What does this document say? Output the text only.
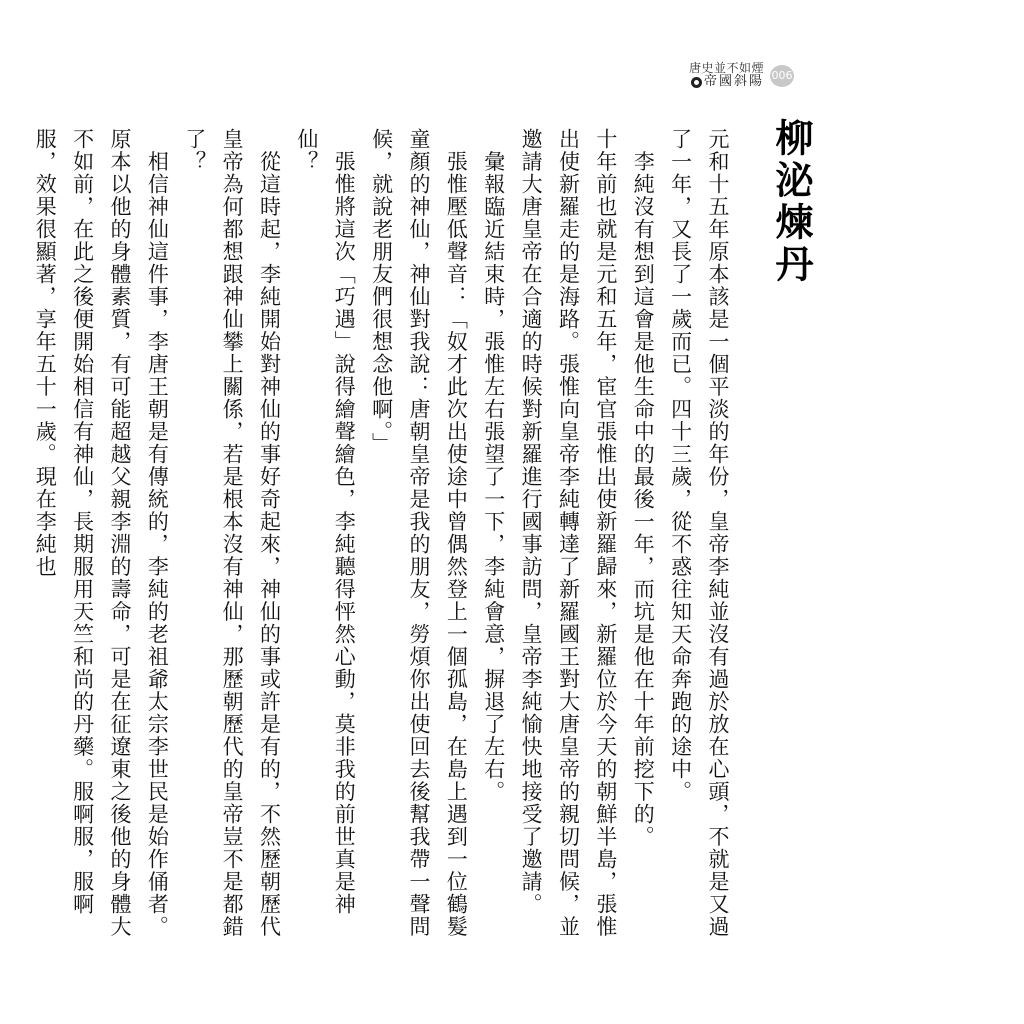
唐史並不如煙
帝國斜陽 006
柳泌煉丹

元和十五年原本該是一個平淡的年份，皇帝李純並沒有過於放在心頭，不就是又過了一年，又長了一歲而已。四十三歲，從不惑往知天命奔跑的途中。

　李純沒有想到這會是他生命中的最後一年，而坑是他在十年前挖下的。

十年前也就是元和五年，宦官張惟出使新羅歸來，新羅位於今天的朝鮮半島，張惟出使新羅走的是海路。張惟向皇帝李純轉達了新羅國王對大唐皇帝的親切問候，並邀請大唐皇帝在合適的時候對新羅進行國事訪問，皇帝李純愉快地接受了邀請。

　彙報臨近結束時，張惟左右張望了一下，李純會意，摒退了左右。

　張惟壓低聲音：「奴才此次出使途中曾偶然登上一個孤島，在島上遇到一位鶴髮童顏的神仙，神仙對我說：唐朝皇帝是我的朋友，勞煩你出使回去後幫我帶一聲問候，就說老朋友們很想念他啊。」

　張惟將這次「巧遇」說得繪聲繪色，李純聽得怦然心動，莫非我的前世真是神仙？

　從這時起，李純開始對神仙的事好奇起來，神仙的事或許是有的，不然歷朝歷代皇帝為何都想跟神仙攀上關係，若是根本沒有神仙，那歷朝歷代的皇帝豈不是都錯了？

　相信神仙這件事，李唐王朝是有傳統的，李純的老祖爺太宗李世民是始作俑者。原本以他的身體素質，有可能超越父親李淵的壽命，可是在征遼東之後他的身體大不如前，在此之後便開始相信有神仙，長期服用天竺和尚的丹藥。服啊服，服啊服，效果很顯著，享年五十一歲。現在李純也
